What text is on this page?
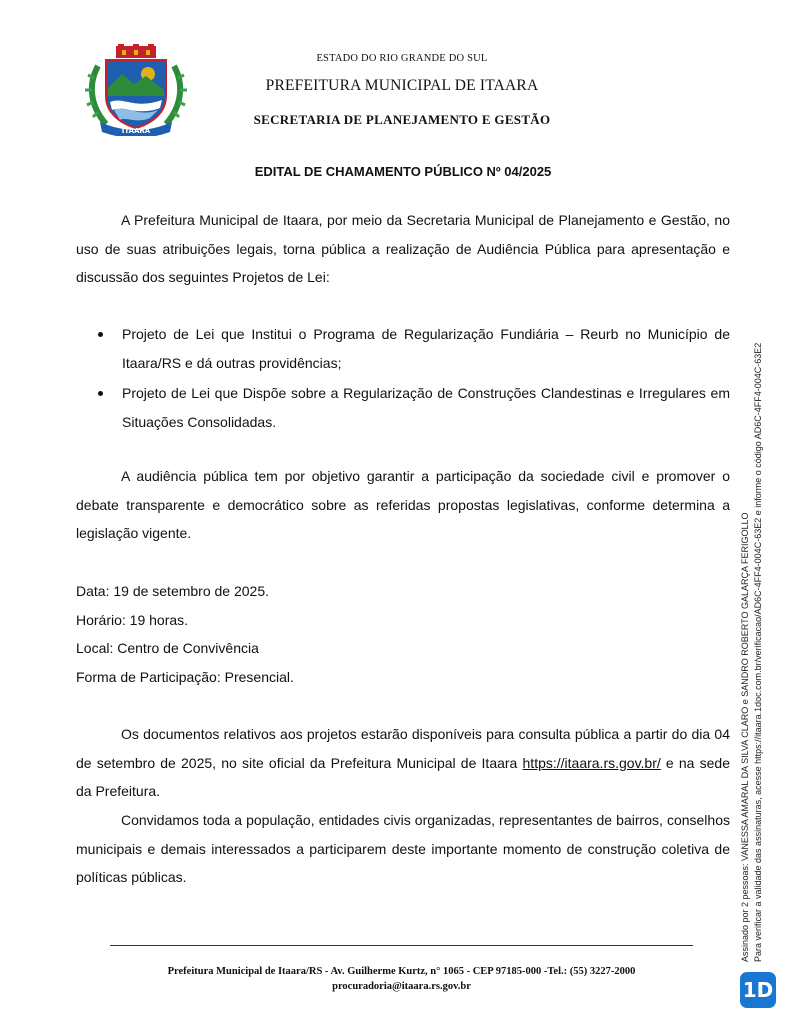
ITAARA
ESTADO DO RIO GRANDE DO SUL
PREFEITURA MUNICIPAL DE ITAARA
SECRETARIA DE PLANEJAMENTO E GESTÃO
EDITAL DE CHAMAMENTO PÚBLICO Nº 04/2025

A Prefeitura Municipal de Itaara, por meio da Secretaria Municipal de Planejamento e Gestão, no uso de suas atribuições legais, torna pública a realização de Audiência Pública para apresentação e discussão dos seguintes Projetos de Lei:

Projeto de Lei que Institui o Programa de Regularização Fundiária – Reurb no Município de Itaara/RS e dá outras providências;
Projeto de Lei que Dispõe sobre a Regularização de Construções Clandestinas e Irregulares em Situações Consolidadas.

A audiência pública tem por objetivo garantir a participação da sociedade civil e promover o debate transparente e democrático sobre as referidas propostas legislativas, conforme determina a legislação vigente.

Data: 19 de setembro de 2025.
Horário: 19 horas.
Local: Centro de Convivência
Forma de Participação: Presencial.

Os documentos relativos aos projetos estarão disponíveis para consulta pública a partir do dia 04 de setembro de 2025, no site oficial da Prefeitura Municipal de Itaara https://itaara.rs.gov.br/ e na sede da Prefeitura.

Convidamos toda a população, entidades civis organizadas, representantes de bairros, conselhos municipais e demais interessados a participarem deste importante momento de construção coletiva de políticas públicas.

Prefeitura Municipal de Itaara/RS - Av. Guilherme Kurtz, n° 1065 - CEP 97185-000 -Tel.: (55) 3227-2000
procuradoria@itaara.rs.gov.br
Assinado por 2 pessoas: VANESSA AMARAL DA SILVA CLARO e SANDRO ROBERTO GALARÇA FERIGOLLO Para verificar a validade das assinaturas, acesse https://itaara.1doc.com.br/verificacao/AD6C-4FF4-004C-63E2 e informe o código AD6C-4FF4-004C-63E2
1D
